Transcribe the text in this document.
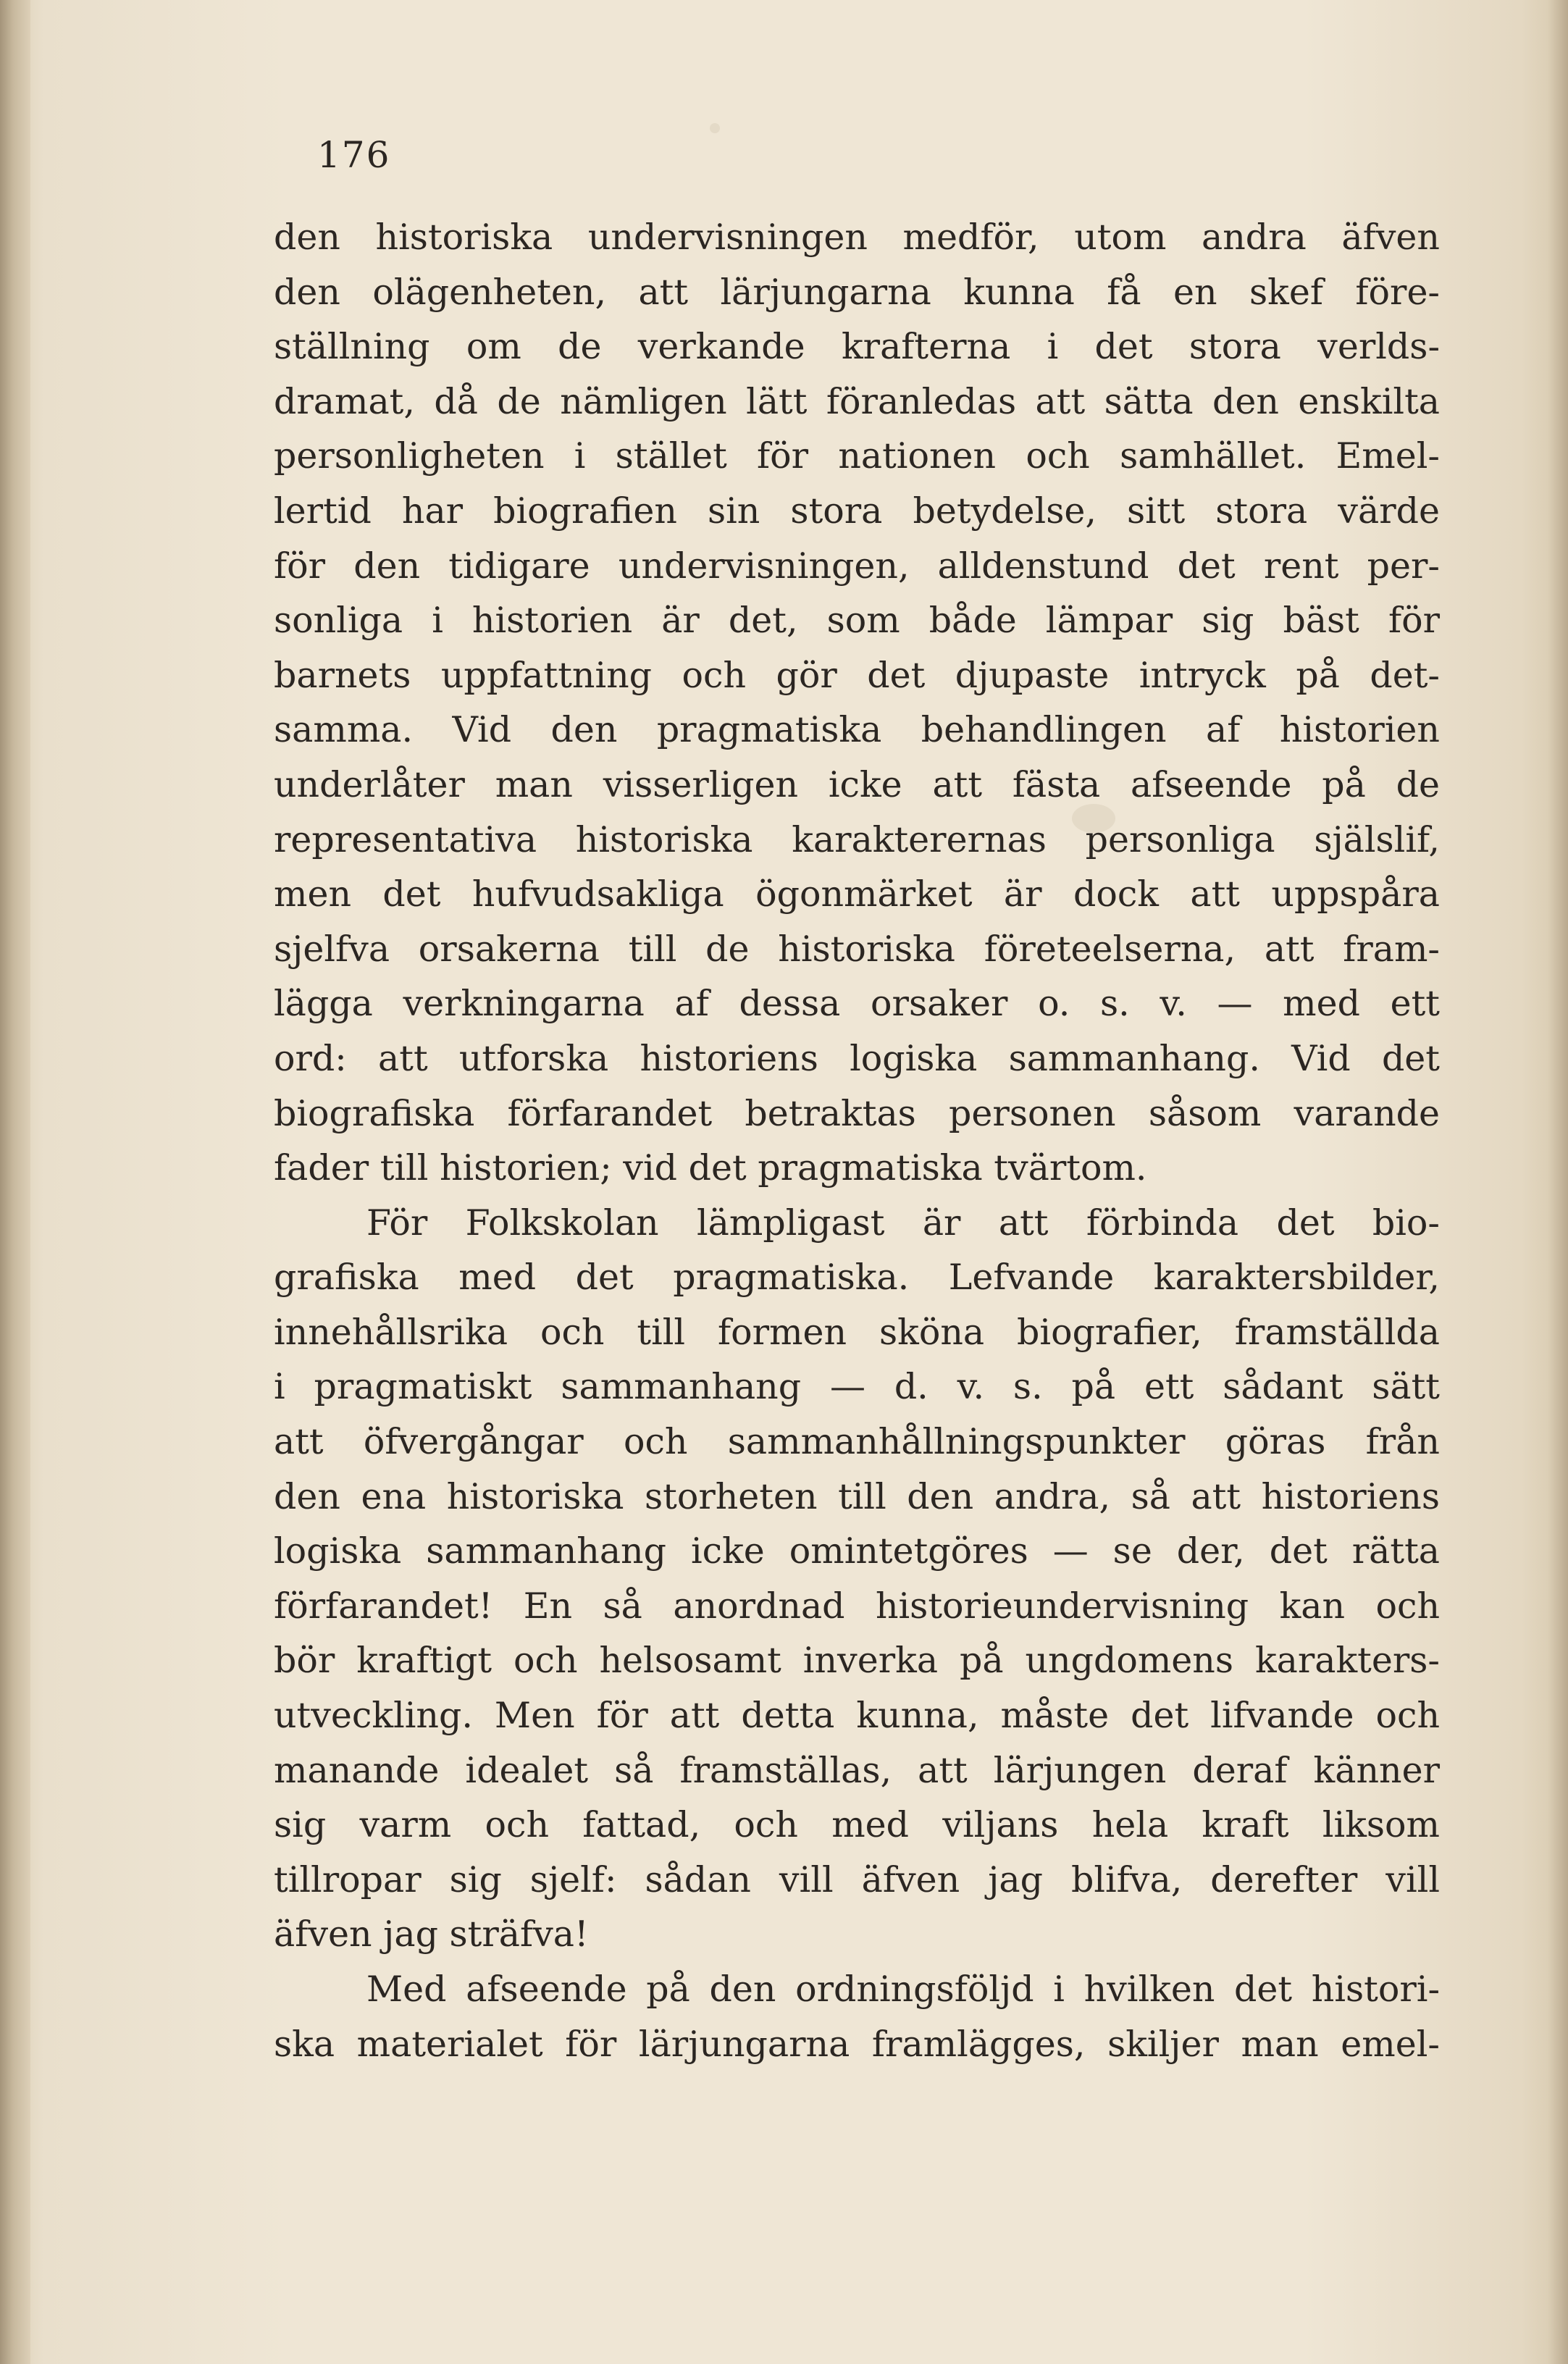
176
den historiska undervisningen medför, utom andra äfven
den olägenheten, att lärjungarna kunna få en skef före-
ställning om de verkande krafterna i det stora verlds-
dramat, då de nämligen lätt föranledas att sätta den enskilta
personligheten i stället för nationen och samhället. Emel-
lertid har biografien sin stora betydelse, sitt stora värde
för den tidigare undervisningen, alldenstund det rent per-
sonliga i historien är det, som både lämpar sig bäst för
barnets uppfattning och gör det djupaste intryck på det-
samma. Vid den pragmatiska behandlingen af historien
underlåter man visserligen icke att fästa afseende på de
representativa historiska karakterernas personliga själslif,
men det hufvudsakliga ögonmärket är dock att uppspåra
sjelfva orsakerna till de historiska företeelserna, att fram-
lägga verkningarna af dessa orsaker o. s. v. — med ett
ord: att utforska historiens logiska sammanhang. Vid det
biografiska förfarandet betraktas personen såsom varande
fader till historien; vid det pragmatiska tvärtom.
För Folkskolan lämpligast är att förbinda det bio-
grafiska med det pragmatiska. Lefvande karaktersbilder,
innehållsrika och till formen sköna biografier, framställda
i pragmatiskt sammanhang — d. v. s. på ett sådant sätt
att öfvergångar och sammanhållningspunkter göras från
den ena historiska storheten till den andra, så att historiens
logiska sammanhang icke omintetgöres — se der, det rätta
förfarandet! En så anordnad historieundervisning kan och
bör kraftigt och helsosamt inverka på ungdomens karakters-
utveckling. Men för att detta kunna, måste det lifvande och
manande idealet så framställas, att lärjungen deraf känner
sig varm och fattad, och med viljans hela kraft liksom
tillropar sig sjelf: sådan vill äfven jag blifva, derefter vill
äfven jag sträfva!
Med afseende på den ordningsföljd i hvilken det histori-
ska materialet för lärjungarna framlägges, skiljer man emel-
